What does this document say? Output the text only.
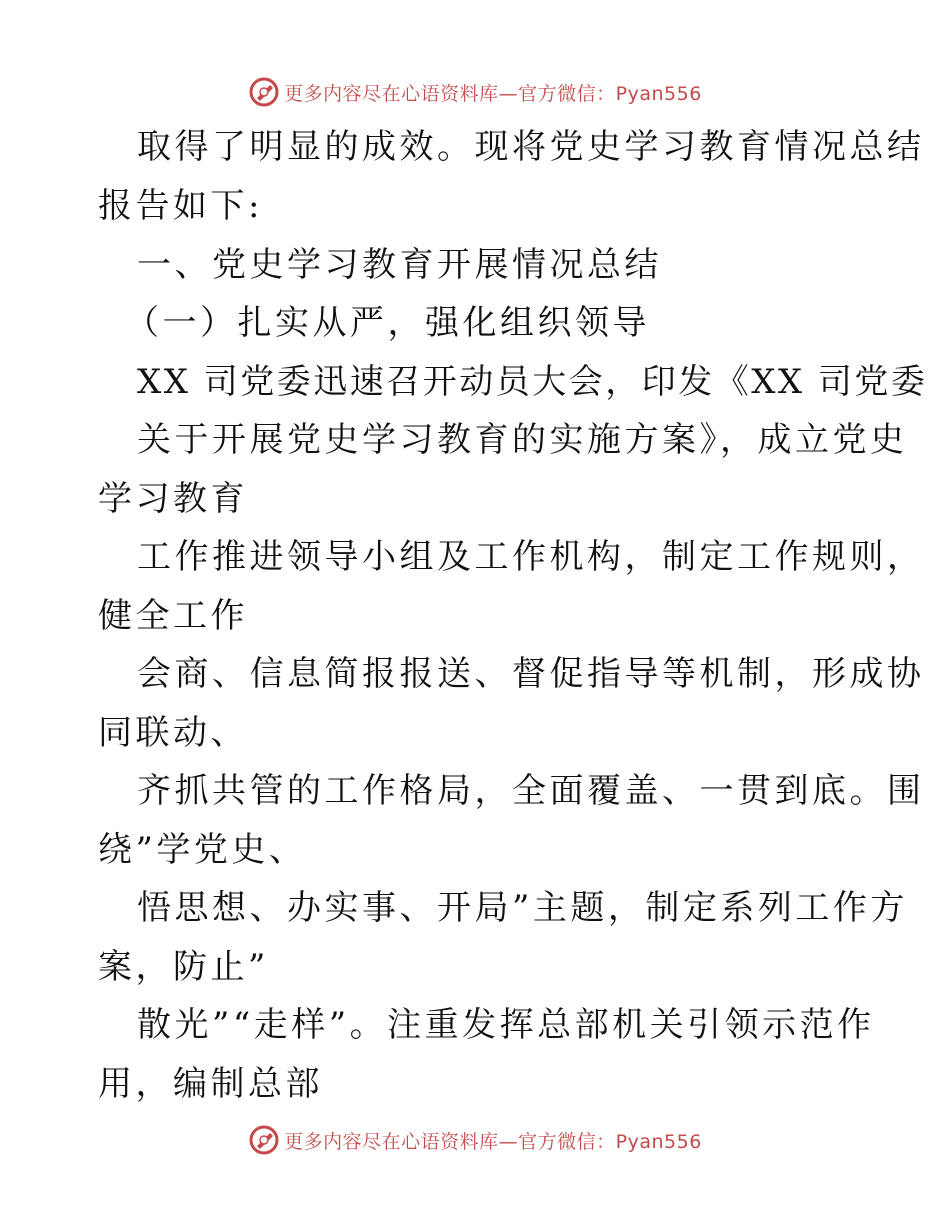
更多内容尽在心语资料库—官方微信：Pyan556
取得了明显的成效。现将党史学习教育情况总结
报告如下:
一、党史学习教育开展情况总结
（一）扎实从严，强化组织领导
XX 司党委迅速召开动员大会，印发《XX 司党委
关于开展党史学习教育的实施方案》，成立党史
学习教育
工作推进领导小组及工作机构，制定工作规则，
健全工作
会商、信息简报报送、督促指导等机制，形成协
同联动、
齐抓共管的工作格局，全面覆盖、一贯到底。围
绕”学党史、
悟思想、办实事、开局”主题，制定系列工作方
案，防止”
散光”“走样”。注重发挥总部机关引领示范作
用，编制总部
更多内容尽在心语资料库—官方微信：Pyan556
